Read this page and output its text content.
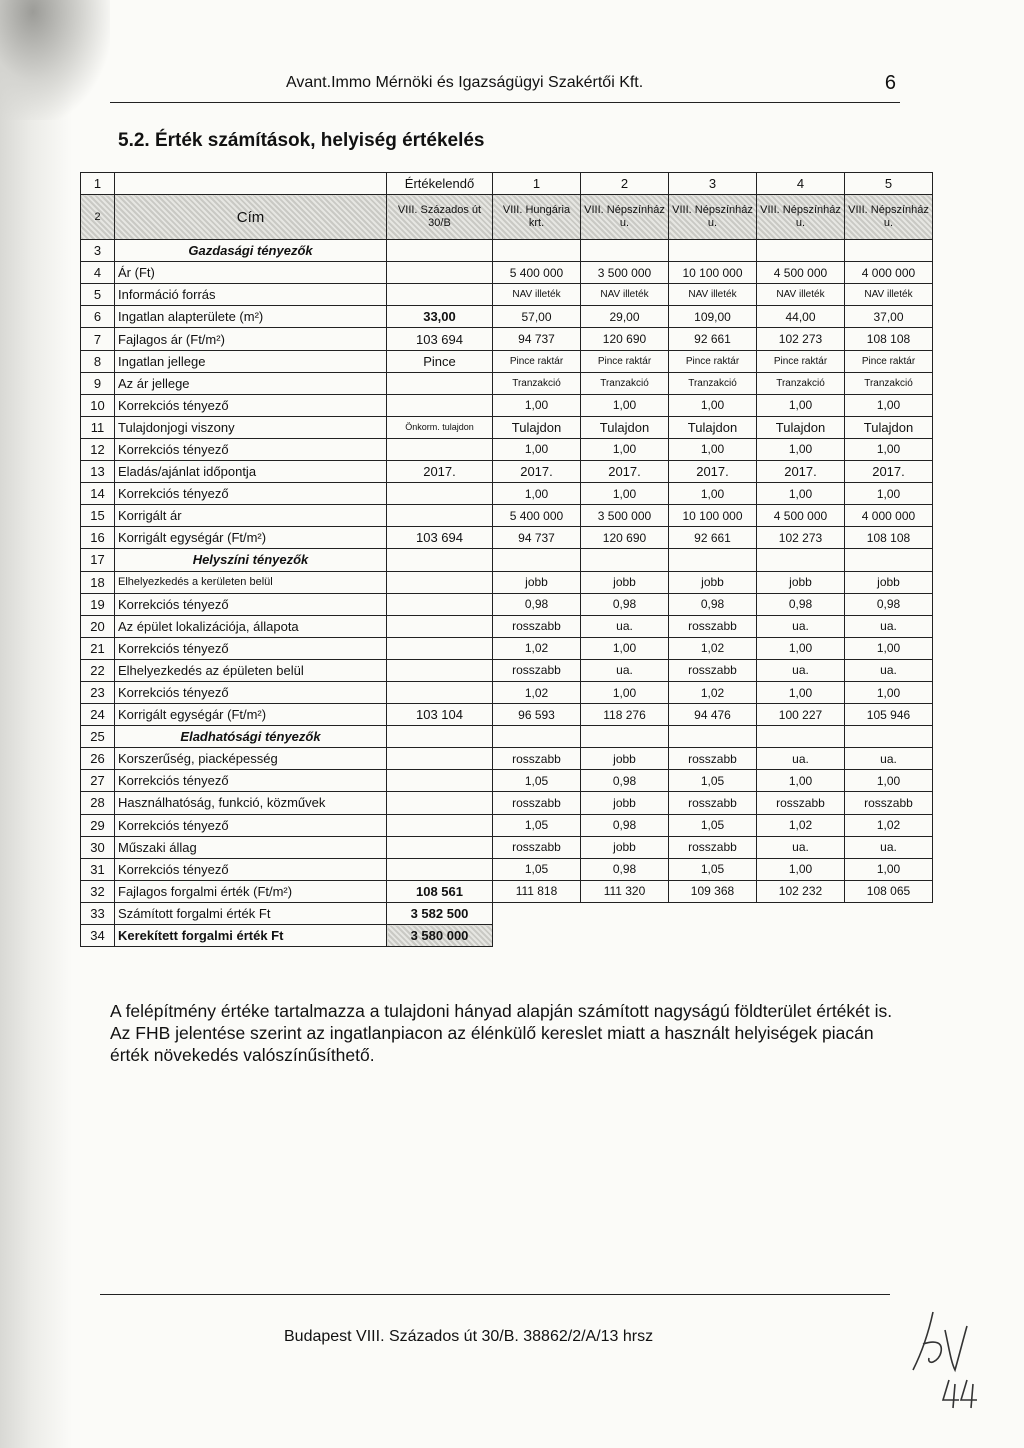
Avant.Immo Mérnöki és Igazságügyi Szakértői Kft.	6
5.2. Érték számítások, helyiség értékelés
1		Értékelendő	1	2	3	4	5
2	Cím	VIII. Százados út 30/B	VIII. Hungária krt.	VIII. Népszínház u.	VIII. Népszínház u.	VIII. Népszínház u.	VIII. Népszínház u.
3	Gazdasági tényezők						
4	Ár (Ft)		5 400 000	3 500 000	10 100 000	4 500 000	4 000 000
5	Információ forrás		NAV illeték	NAV illeték	NAV illeték	NAV illeték	NAV illeték
6	Ingatlan alapterülete (m²)	33,00	57,00	29,00	109,00	44,00	37,00
7	Fajlagos ár (Ft/m²)	103 694	94 737	120 690	92 661	102 273	108 108
8	Ingatlan jellege	Pince	Pince raktár	Pince raktár	Pince raktár	Pince raktár	Pince raktár
9	Az ár jellege		Tranzakció	Tranzakció	Tranzakció	Tranzakció	Tranzakció
10	Korrekciós tényező		1,00	1,00	1,00	1,00	1,00
11	Tulajdonjogi viszony	Önkorm. tulajdon	Tulajdon	Tulajdon	Tulajdon	Tulajdon	Tulajdon
12	Korrekciós tényező		1,00	1,00	1,00	1,00	1,00
13	Eladás/ajánlat időpontja	2017.	2017.	2017.	2017.	2017.	2017.
14	Korrekciós tényező		1,00	1,00	1,00	1,00	1,00
15	Korrigált ár		5 400 000	3 500 000	10 100 000	4 500 000	4 000 000
16	Korrigált egységár (Ft/m²)	103 694	94 737	120 690	92 661	102 273	108 108
17	Helyszíni tényezők						
18	Elhelyezkedés a kerületen belül		jobb	jobb	jobb	jobb	jobb
19	Korrekciós tényező		0,98	0,98	0,98	0,98	0,98
20	Az épület lokalizációja, állapota		rosszabb	ua.	rosszabb	ua.	ua.
21	Korrekciós tényező		1,02	1,00	1,02	1,00	1,00
22	Elhelyezkedés az épületen belül		rosszabb	ua.	rosszabb	ua.	ua.
23	Korrekciós tényező		1,02	1,00	1,02	1,00	1,00
24	Korrigált egységár (Ft/m²)	103 104	96 593	118 276	94 476	100 227	105 946
25	Eladhatósági tényezők						
26	Korszerűség, piacképesség		rosszabb	jobb	rosszabb	ua.	ua.
27	Korrekciós tényező		1,05	0,98	1,05	1,00	1,00
28	Használhatóság, funkció, közművek		rosszabb	jobb	rosszabb	rosszabb	rosszabb
29	Korrekciós tényező		1,05	0,98	1,05	1,02	1,02
30	Műszaki állag		rosszabb	jobb	rosszabb	ua.	ua.
31	Korrekciós tényező		1,05	0,98	1,05	1,00	1,00
32	Fajlagos forgalmi érték (Ft/m²)	108 561	111 818	111 320	109 368	102 232	108 065
33	Számított forgalmi érték Ft	3 582 500					
34	Kerekített forgalmi érték Ft	3 580 000					
A felépítmény értéke tartalmazza a tulajdoni hányad alapján számított nagyságú földterület értékét is. Az FHB jelentése szerint az ingatlanpiacon az élénkülő kereslet miatt a használt helyiségek piacán érték növekedés valószínűsíthető.
Budapest VIII. Százados út 30/B. 38862/2/A/13 hrsz
